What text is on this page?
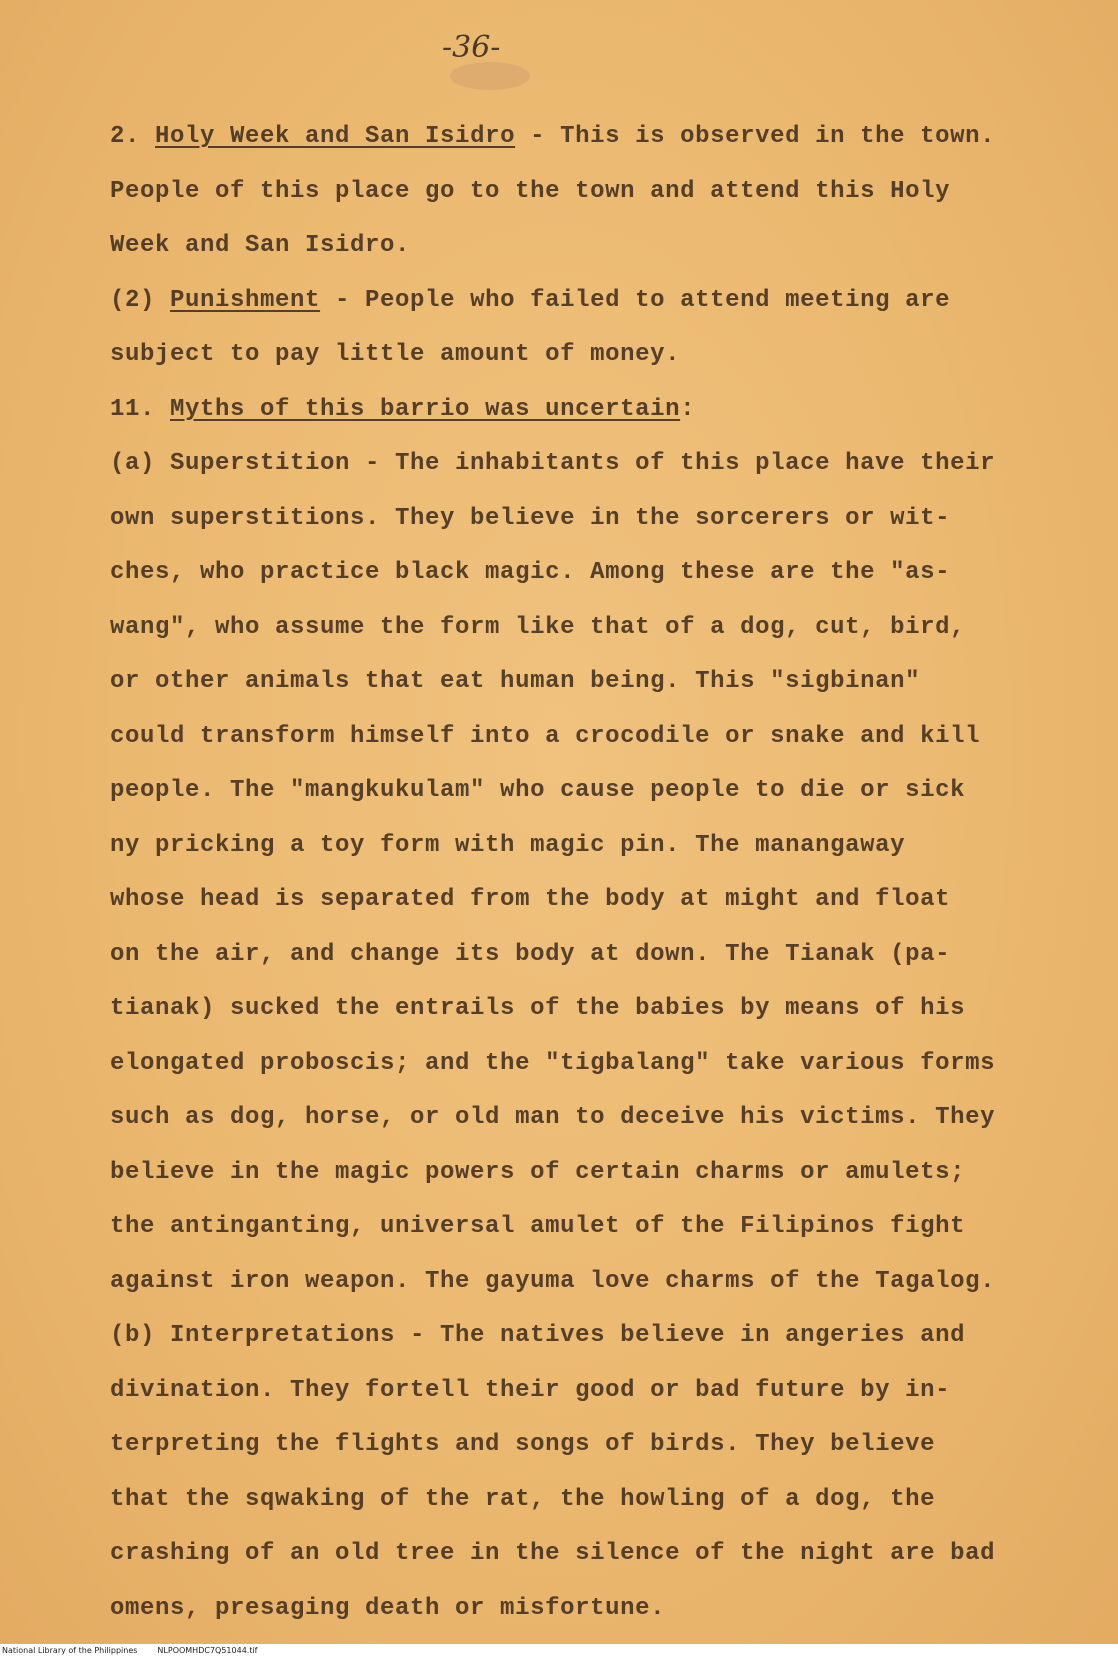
-36-
2. Holy Week and San Isidro - This is observed in the town.
People of this place go to the town and attend this Holy
Week and San Isidro.
(2) Punishment - People who failed to attend meeting are
subject to pay little amount of money.
11. Myths of this barrio was uncertain:
(a) Superstition - The inhabitants of this place have their
own superstitions. They believe in the sorcerers or wit-
ches, who practice black magic. Among these are the "as-
wang", who assume the form like that of a dog, cut, bird,
or other animals that eat human being. This "sigbinan"
could transform himself into a crocodile or snake and kill
people. The "mangkukulam" who cause people to die or sick
ny pricking a toy form with magic pin. The manangaway
whose head is separated from the body at might and float
on the air, and change its body at down. The Tianak (pa-
tianak) sucked the entrails of the babies by means of his
elongated proboscis; and the "tigbalang" take various forms
such as dog, horse, or old man to deceive his victims. They
believe in the magic powers of certain charms or amulets;
the antinganting, universal amulet of the Filipinos fight
against iron weapon. The gayuma love charms of the Tagalog.
(b) Interpretations - The natives believe in angeries and
divination. They fortell their good or bad future by in-
terpreting the flights and songs of birds. They believe
that the sqwaking of the rat, the howling of a dog, the
crashing of an old tree in the silence of the night are bad
omens, presaging death or misfortune.
National Library of the Philippines	NLPOOMHDC7Q51044.tif
